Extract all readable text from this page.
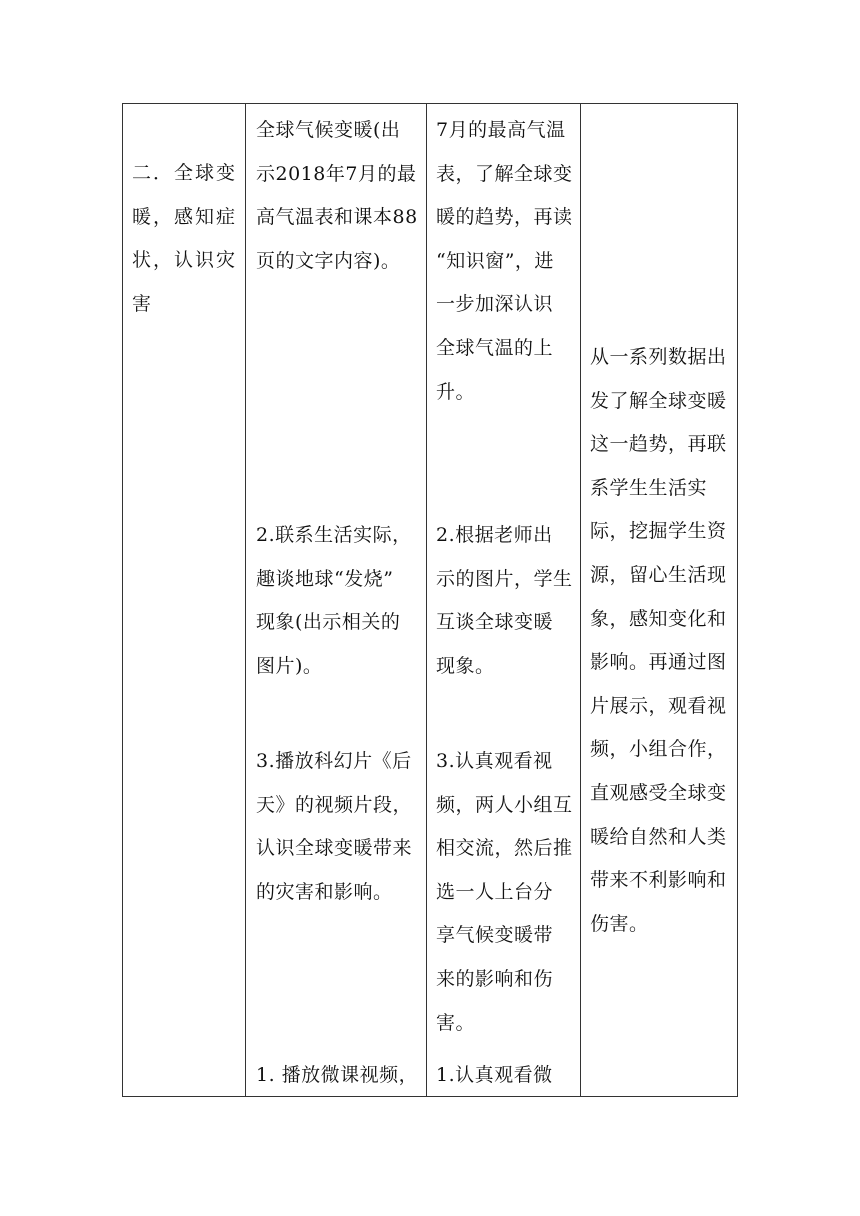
二．全球变
暖，感知症
状，认识灾
害
全球气候变暖(出
示2018年7月的最
高气温表和课本88
页的文字内容)。
2.联系生活实际，
趣谈地球“发烧”
现象(出示相关的
图片)。
3.播放科幻片《后
天》的视频片段，
认识全球变暖带来
的灾害和影响。
1. 播放微课视频，
7月的最高气温
表，了解全球变
暖的趋势，再读
“知识窗”，进
一步加深认识
全球气温的上
升。
2.根据老师出
示的图片，学生
互谈全球变暖
现象。
3.认真观看视
频，两人小组互
相交流，然后推
选一人上台分
享气候变暖带
来的影响和伤
害。
1.认真观看微
从一系列数据出
发了解全球变暖
这一趋势，再联
系学生生活实
际，挖掘学生资
源，留心生活现
象，感知变化和
影响。再通过图
片展示，观看视
频，小组合作，
直观感受全球变
暖给自然和人类
带来不利影响和
伤害。
